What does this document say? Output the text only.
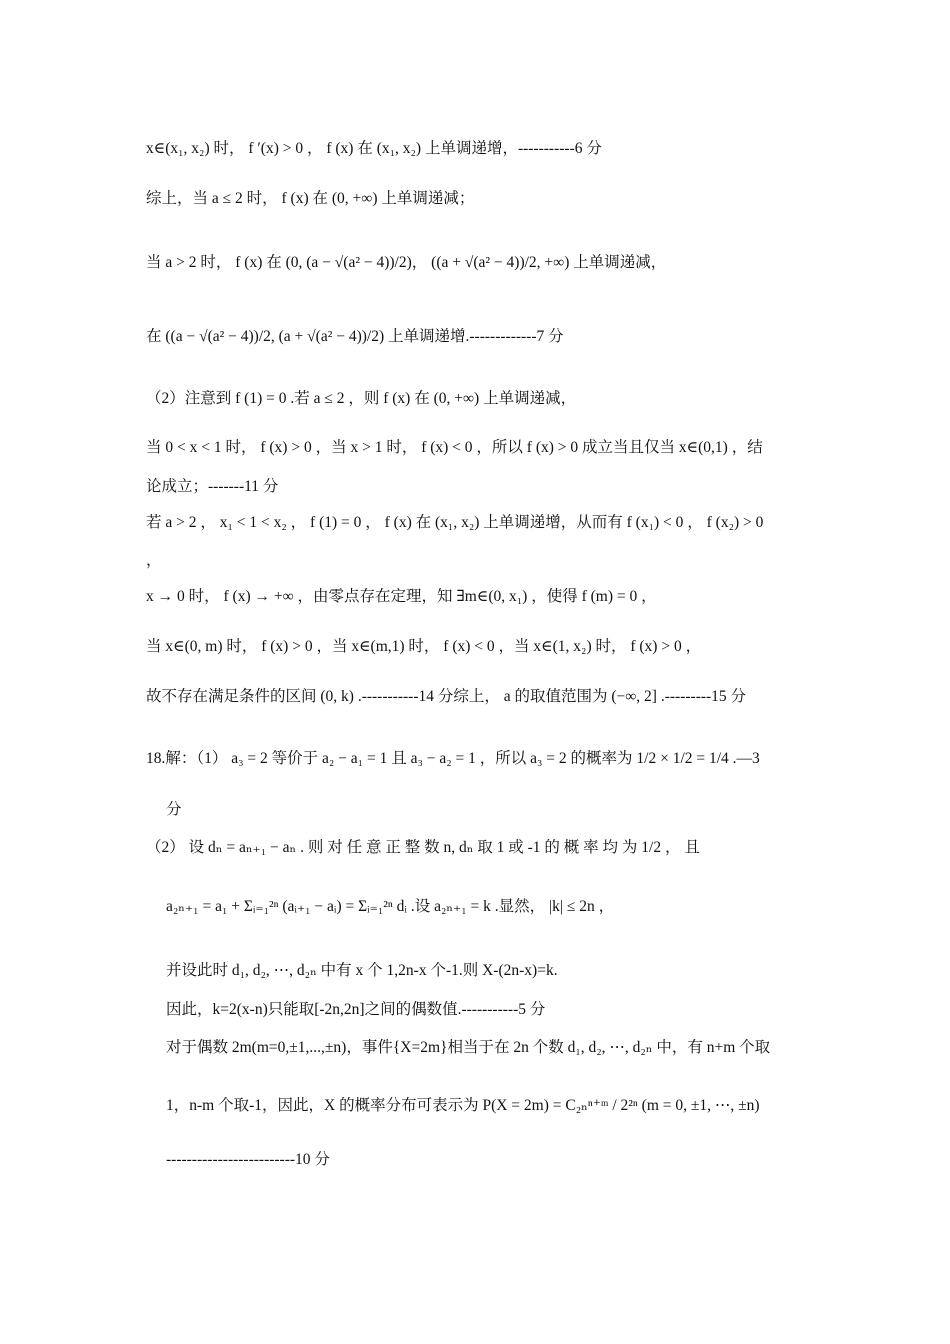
x∈(x₁, x₂) 时， f ′(x) > 0 ， f (x) 在 (x₁, x₂) 上单调递增，-----------6 分
综上，当 a ≤ 2 时， f (x) 在 (0, +∞) 上单调递减；
当 a > 2 时， f (x) 在 (0, (a − √(a² − 4))/2)， ((a + √(a² − 4))/2, +∞) 上单调递减，
在 ((a − √(a² − 4))/2, (a + √(a² − 4))/2) 上单调递增.-------------7 分
（2）注意到 f (1) = 0 .若 a ≤ 2 ，则 f (x) 在 (0, +∞) 上单调递减，
当 0 < x < 1 时， f (x) > 0 ，当 x > 1 时， f (x) < 0 ，所以 f (x) > 0 成立当且仅当 x∈(0,1) ，结
论成立；-------11 分
若 a > 2 ， x₁ < 1 < x₂ ， f (1) = 0 ， f (x) 在 (x₁, x₂) 上单调递增，从而有 f (x₁) < 0 ， f (x₂) > 0
，
x → 0 时， f (x) → +∞ ，由零点存在定理，知 ∃m∈(0, x₁) ，使得 f (m) = 0 ，
当 x∈(0, m) 时， f (x) > 0 ，当 x∈(m,1) 时， f (x) < 0 ，当 x∈(1, x₂) 时， f (x) > 0 ，
故不存在满足条件的区间 (0, k) .-----------14 分综上， a 的取值范围为 (−∞, 2] .---------15 分
18.解：（1） a₃ = 2 等价于 a₂ − a₁ = 1 且 a₃ − a₂ = 1 ，所以 a₃ = 2 的概率为 1/2 × 1/2 = 1/4 .—3
分
（2） 设 dₙ = aₙ₊₁ − aₙ . 则 对 任 意 正 整 数 n, dₙ 取 1 或 -1 的 概 率 均 为 1/2 ， 且
a₂ₙ₊₁ = a₁ + Σᵢ₌₁²ⁿ (aᵢ₊₁ − aᵢ) = Σᵢ₌₁²ⁿ dᵢ .设 a₂ₙ₊₁ = k .显然， |k| ≤ 2n ，
并设此时 d₁, d₂, ⋯, d₂ₙ 中有 x 个 1,2n-x 个-1.则 X-(2n-x)=k.
因此，k=2(x-n)只能取[-2n,2n]之间的偶数值.-----------5 分
对于偶数 2m(m=0,±1,...,±n)，事件{X=2m}相当于在 2n 个数 d₁, d₂, ⋯, d₂ₙ 中，有 n+m 个取
1，n-m 个取-1，因此，X 的概率分布可表示为 P(X = 2m) = C₂ₙⁿ⁺ᵐ / 2²ⁿ (m = 0, ±1, ⋯, ±n)
-------------------------10 分
